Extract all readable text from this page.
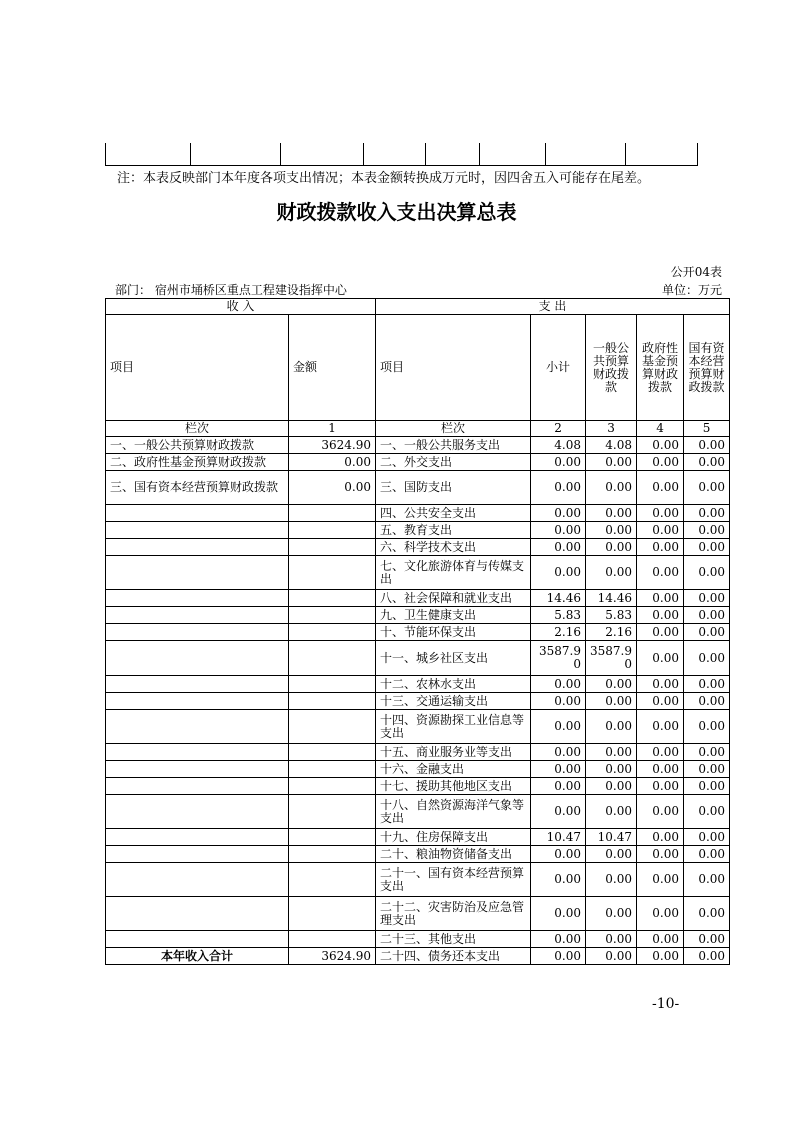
注：本表反映部门本年度各项支出情况；本表金额转换成万元时，因四舍五入可能存在尾差。
财政拨款收入支出决算总表
公开04表
部门： 宿州市埇桥区重点工程建设指挥中心	单位：万元
收 入		支 出				
项目	金额	项目	小计	一般公共预算财政拨款	政府性基金预算财政拨款	国有资本经营预算财政拨款
栏次	1	栏次	2	3	4	5
一、一般公共预算财政拨款	3624.90	一、一般公共服务支出	4.08	4.08	0.00	0.00
二、政府性基金预算财政拨款	0.00	二、外交支出	0.00	0.00	0.00	0.00
三、国有资本经营预算财政拨款	0.00	三、国防支出	0.00	0.00	0.00	0.00
		四、公共安全支出	0.00	0.00	0.00	0.00
		五、教育支出	0.00	0.00	0.00	0.00
		六、科学技术支出	0.00	0.00	0.00	0.00
		七、文化旅游体育与传媒支出	0.00	0.00	0.00	0.00
		八、社会保障和就业支出	14.46	14.46	0.00	0.00
		九、卫生健康支出	5.83	5.83	0.00	0.00
		十、节能环保支出	2.16	2.16	0.00	0.00
		十一、城乡社区支出	3587.90	3587.90	0.00	0.00
		十二、农林水支出	0.00	0.00	0.00	0.00
		十三、交通运输支出	0.00	0.00	0.00	0.00
		十四、资源勘探工业信息等支出	0.00	0.00	0.00	0.00
		十五、商业服务业等支出	0.00	0.00	0.00	0.00
		十六、金融支出	0.00	0.00	0.00	0.00
		十七、援助其他地区支出	0.00	0.00	0.00	0.00
		十八、自然资源海洋气象等支出	0.00	0.00	0.00	0.00
		十九、住房保障支出	10.47	10.47	0.00	0.00
		二十、粮油物资储备支出	0.00	0.00	0.00	0.00
		二十一、国有资本经营预算支出	0.00	0.00	0.00	0.00
		二十二、灾害防治及应急管理支出	0.00	0.00	0.00	0.00
		二十三、其他支出	0.00	0.00	0.00	0.00
本年收入合计	3624.90	二十四、债务还本支出	0.00	0.00	0.00	0.00
-10-
